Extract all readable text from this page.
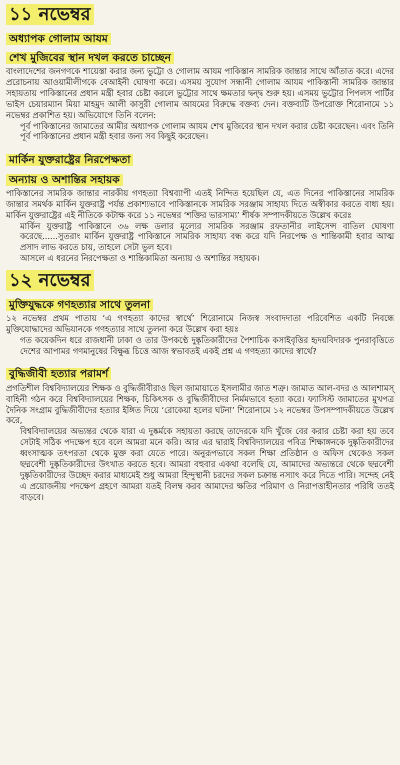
১১ নভেম্বর
অধ্যাপক গোলাম আযম
শেখ মুজিবের স্থান দখল করতে চাচ্ছেন

বাংলাদেশের জনগণকে শায়েস্তা করার জন্য ভুট্টো ও গোলাম আযম পাকিস্তান সামরিক জান্তার সাথে আঁতাত করে। এদের প্ররোচনায় আওয়ামীলীগকে বেআইনী ঘোষণা করে। এসময় সুযোগ সন্ধানী গোলাম আযম পাকিস্তানী সামরিক জান্তার সহায়তায় পাকিস্তানের প্রধান মন্ত্রী হবার চেষ্টা করলে ভুট্টোর সাথে ক্ষমতার দ্বন্দ্ব শুরু হয়। এসময় ভুট্টোর পিপলস পার্টির ভাইস চেয়ারম্যান মিয়া মাহমুদ আলী কাসুরী গোলাম আযমের বিরুদ্ধে বক্তব্য দেন। বক্তব্যটি উপরোক্ত শিরোনামে ১১ নভেম্বর প্রকাশিত হয়। অভিযোগে তিনি বলেন:

পূর্ব পাকিস্তানের জামাতের আমীর অধ্যাপক গোলাম আযম শেখ মুজিবের স্থান দখল করার চেষ্টা করেছেন। এবং তিনি পূর্ব পাকিস্তানের প্রধান মন্ত্রী হবার জন্য সব কিছুই করেছেন।

মার্কিন যুক্তরাষ্ট্রের নিরপেক্ষতা
অন্যায় ও অশান্তির সহায়ক

পাকিস্তানের সামরিক জান্তার নারকীয় গণহত্যা বিশ্বব্যাপী এতই নিন্দিত হয়েছিল যে, এত দিনের পাকিস্তানের সামরিক জান্তার সমর্থক মার্কিন যুক্তরাষ্ট্র পর্যন্ত প্রকাশ্যভাবে পাকিস্তানকে সামরিক সরঞ্জাম সাহায্য দিতে অস্বীকার করতে বাধ্য হয়। মার্কিন যুক্তরাষ্ট্রের এই নীতিকে কটাক্ষ করে ১১ নভেম্বর ‘শক্তির ভারসাম্য’ শীর্ষক সম্পাদকীয়তে উল্লেখ করেঃ

মার্কিন যুক্তরাষ্ট্র পাকিস্তানে ৩৬ লক্ষ ডলার মূল্যের সামরিক সরঞ্জাম রফতানীর লাইসেন্স বাতিল ঘোষণা করেছে......সুতরাং মার্কিন যুক্তরাষ্ট্র পাকিস্তানে সামরিক সাহায্য বন্ধ করে যদি নিরপেক্ষ ও শান্তিকামী হবার আত্ম প্রসাদ লাভ করতে চায়, তাহলে সেটা ভুল হবে।

আসলে এ ধরনের নিরপেক্ষতা ও শান্তিকামিতা অন্যায় ও অশান্তির সহায়ক।

১২ নভেম্বর
মুক্তিযুদ্ধকে গণহত্যার সাথে তুলনা

১২ নভেম্বর প্রথম পাতায় ‘এ গণহত্যা কাদের স্বার্থে’ শিরোনামে নিজস্ব সংবাদদাতা পরিবেশিত একটি নিবন্ধে মুক্তিযোদ্ধাদের অভিযানকে গণহত্যার সাথে তুলনা করে উল্লেখ করা হয়ঃ

গত কয়েকদিন ধরে রাজধানী ঢাকা ও তার উপকণ্ঠে দুষ্কৃতিকারীদের পৈশাচিক কসাইবৃত্তির হৃদয়বিদারক পুনরাবৃত্তিতে দেশের আপামর গণমানুষের বিক্ষুব্ধ চিত্তে আজ স্বভাবতই একই প্রশ্ন এ গণহত্যা কাদের স্বার্থে?

বুদ্ধিজীবী হত্যার পরামর্শ

প্রগতিশীল বিশ্ববিদ্যালয়ের শিক্ষক ও বুদ্ধিজীবীরাও ছিল জামায়াতে ইসলামীর জাত শত্রু। জামাত আল-বদর ও আলশামস্ বাহিনী গঠন করে বিশ্ববিদ্যালয়ের শিক্ষক, চিকিৎসক ও বুদ্ধিজীবীদের নির্মমভাবে হত্যা করে। ফ্যাসিস্ট জামাতের মুখপত্র দৈনিক সংগ্রাম বুদ্ধিজীবীদের হত্যার ইঙ্গিত দিয়ে ‘রোকেয়া হলের ঘটনা’ শিরোনামে ১২ নভেম্বর উপসম্পাদকীয়তে উল্লেখ করে,

বিশ্ববিদ্যালয়ের অভ্যন্তর থেকে যারা এ দুষ্কর্মকে সহায়তা করছে তাদেরকে যদি খুঁজে বের করার চেষ্টা করা হয় তবে সেটাই সঠিক পদক্ষেপ হবে বলে আমরা মনে করি। আর এর দ্বারাই বিশ্ববিদ্যালয়ের পবিত্র শিক্ষাঙ্গনকে দুষ্কৃতিকারীদের ধ্বংসাত্মক তৎপরতা থেকে মুক্ত করা যেতে পারে। অনুরূপভাবে সকল শিক্ষা প্রতিষ্ঠান ও অফিস থেকেও সকল ছদ্মবেশী দুষ্কৃতিকারীদের উৎখাত করতে হবে। আমরা বহুবার একথা বলেছি যে, আমাদের অভ্যন্তরে থেকে ছদ্মবেশী দুষ্কৃতিকারীদের উচ্ছেদ করার মাধ্যমেই শুধু আমরা হিন্দুস্থানী চরদের সকল চক্রান্ত নস্যাৎ করে দিতে পারি। সন্দেহ নেই এ প্রয়োজনীয় পদক্ষেপ গ্রহণে আমরা যতই বিলম্ব করব আমাদের ক্ষতির পরিমাণ ও নিরাপত্তাহীনতার পরিধি ততই বাড়বে।
